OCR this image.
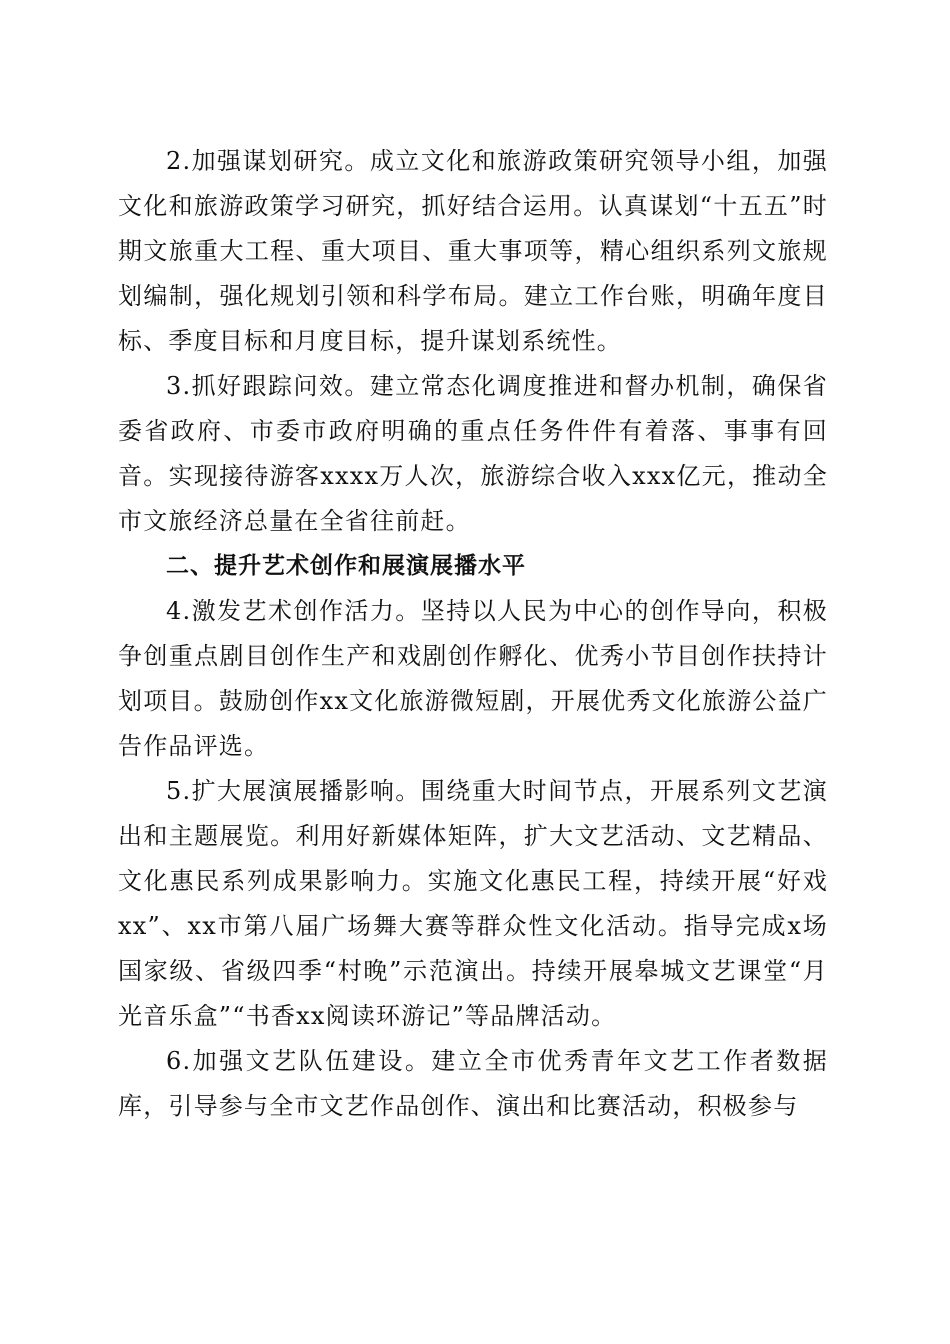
2.加强谋划研究。成立文化和旅游政策研究领导小组，加强文化和旅游政策学习研究，抓好结合运用。认真谋划“十五五”时期文旅重大工程、重大项目、重大事项等，精心组织系列文旅规划编制，强化规划引领和科学布局。建立工作台账，明确年度目标、季度目标和月度目标，提升谋划系统性。

3.抓好跟踪问效。建立常态化调度推进和督办机制，确保省委省政府、市委市政府明确的重点任务件件有着落、事事有回音。实现接待游客xxxx万人次，旅游综合收入xxx亿元，推动全市文旅经济总量在全省往前赶。

二、提升艺术创作和展演展播水平

4.激发艺术创作活力。坚持以人民为中心的创作导向，积极争创重点剧目创作生产和戏剧创作孵化、优秀小节目创作扶持计划项目。鼓励创作xx文化旅游微短剧，开展优秀文化旅游公益广告作品评选。

5.扩大展演展播影响。围绕重大时间节点，开展系列文艺演出和主题展览。利用好新媒体矩阵，扩大文艺活动、文艺精品、文化惠民系列成果影响力。实施文化惠民工程，持续开展“好戏xx”、xx市第八届广场舞大赛等群众性文化活动。指导完成x场国家级、省级四季“村晚”示范演出。持续开展皋城文艺课堂“月光音乐盒”“书香xx阅读环游记”等品牌活动。

6.加强文艺队伍建设。建立全市优秀青年文艺工作者数据库，引导参与全市文艺作品创作、演出和比赛活动，积极参与
